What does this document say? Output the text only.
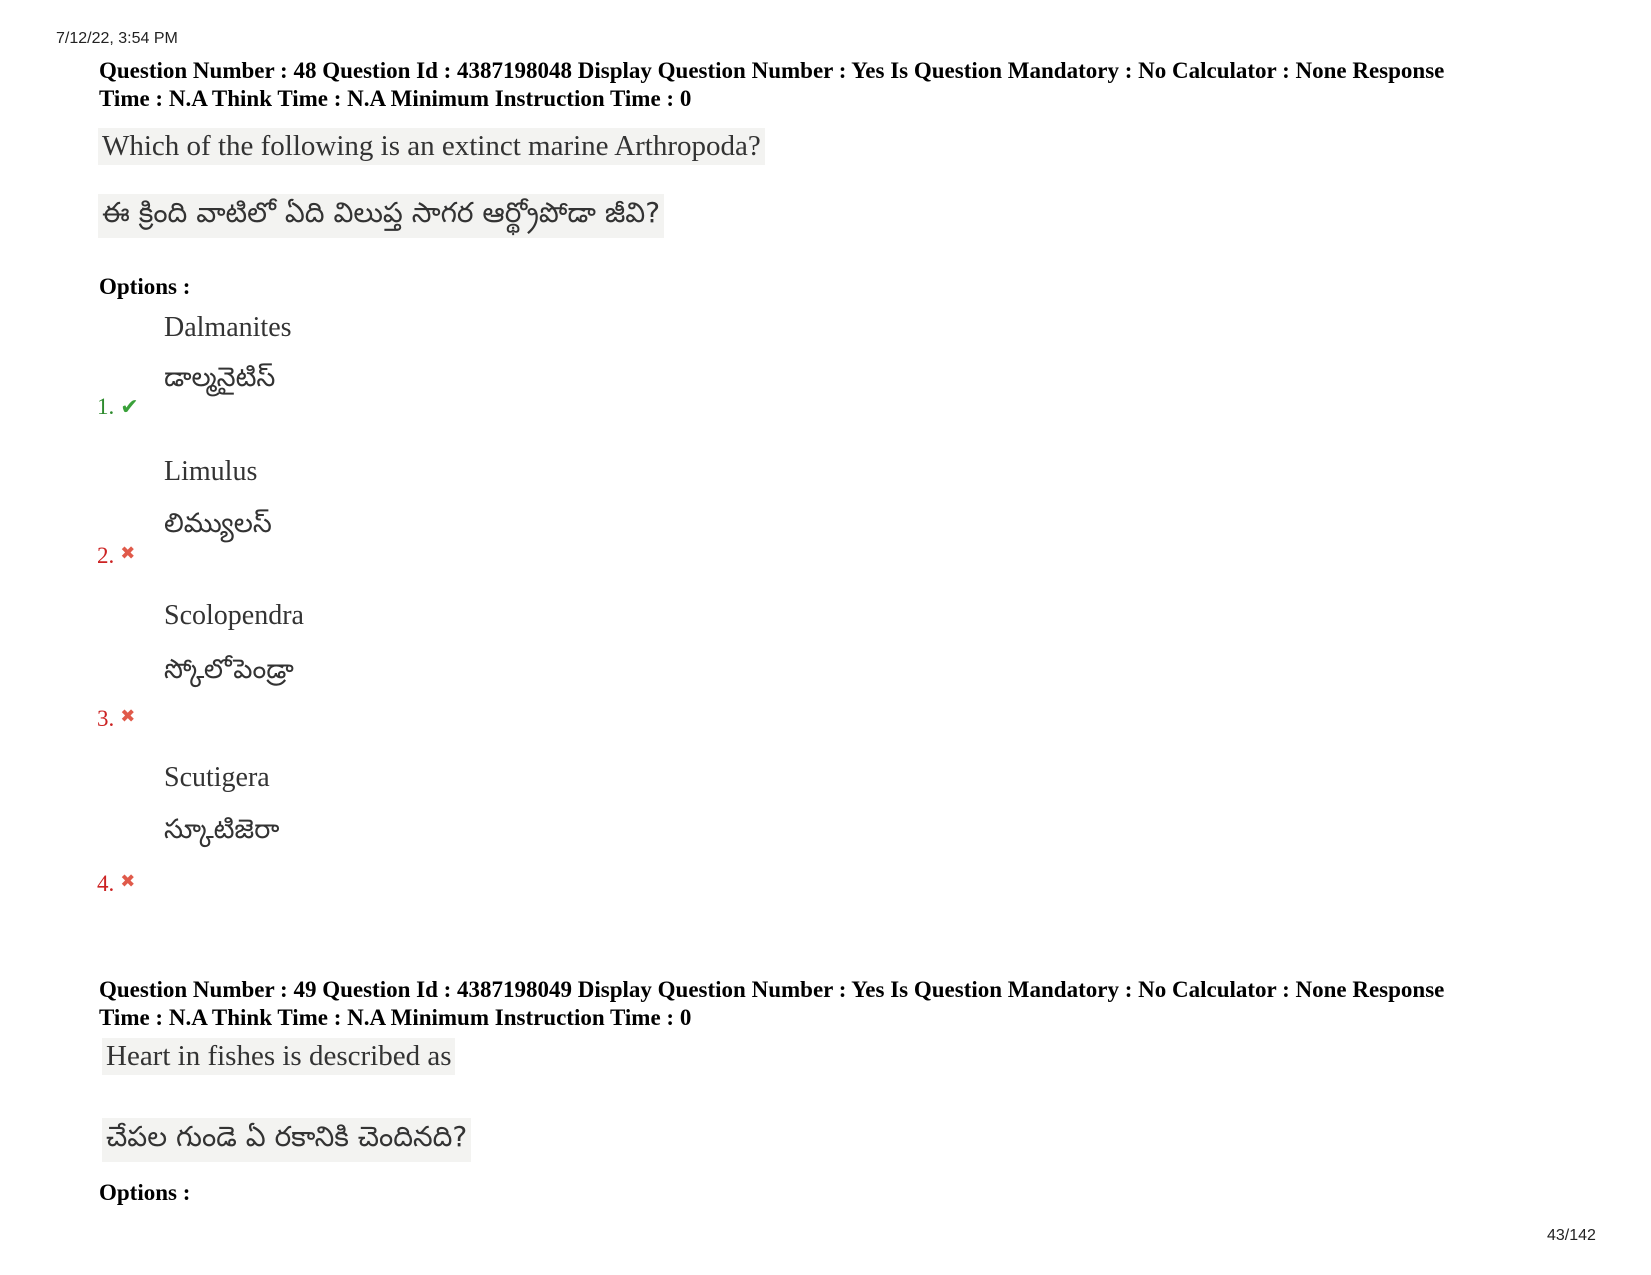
7/12/22, 3:54 PM
Question Number : 48 Question Id : 4387198048 Display Question Number : Yes Is Question Mandatory : No Calculator : None Response
Time : N.A Think Time : N.A Minimum Instruction Time : 0
Which of the following is an extinct marine Arthropoda?
ఈ క్రింది వాటిలో ఏది విలుప్త సాగర ఆర్థ్రోపోడా జీవి?
Options :
Dalmanites
డాల్మనైటిస్
1. ✔
Limulus
లిమ్యులస్
2. ✖
Scolopendra
స్కోలోపెండ్రా
3. ✖
Scutigera
స్కూటిజెరా
4. ✖
Question Number : 49 Question Id : 4387198049 Display Question Number : Yes Is Question Mandatory : No Calculator : None Response
Time : N.A Think Time : N.A Minimum Instruction Time : 0
Heart in fishes is described as
చేపల గుండె ఏ రకానికి చెందినది?
Options :
43/142
